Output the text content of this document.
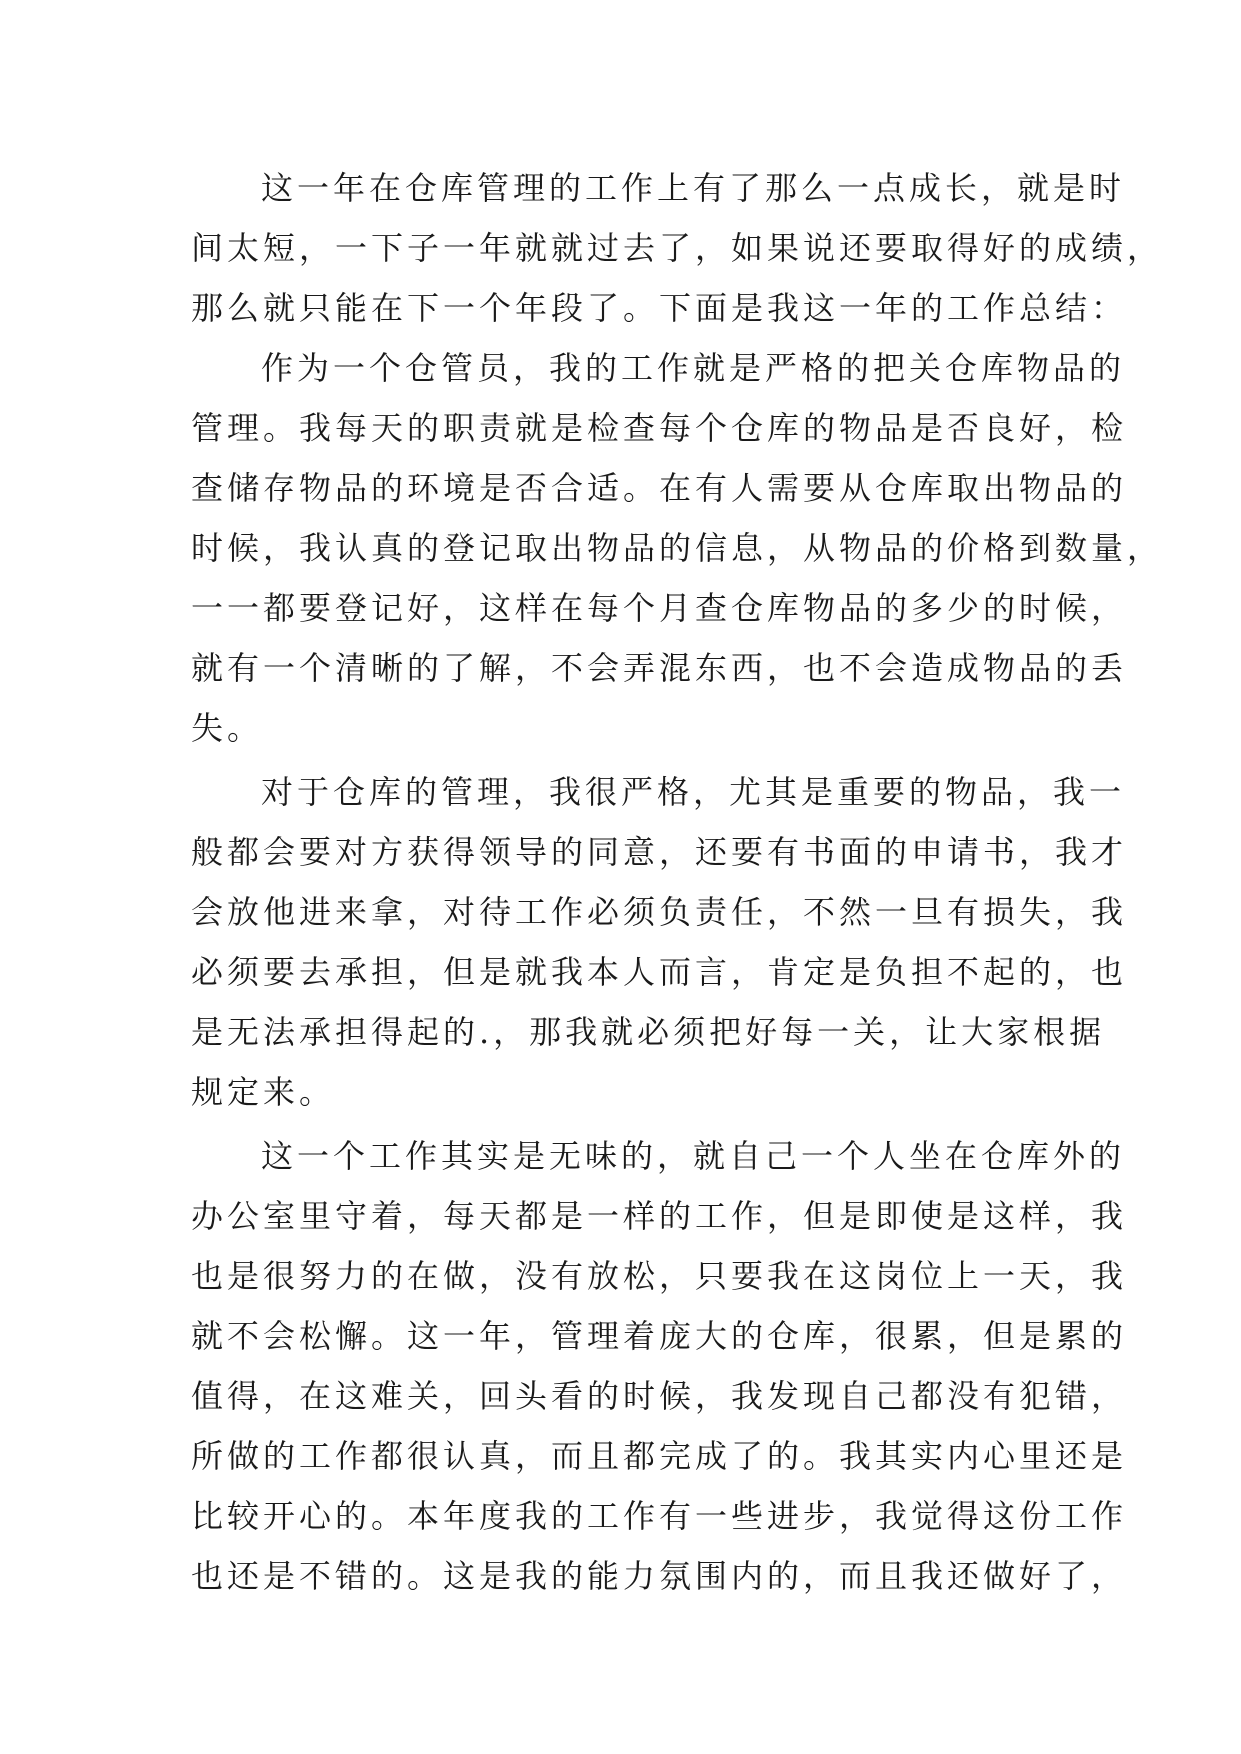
这一年在仓库管理的工作上有了那么一点成长，就是时
间太短，一下子一年就就过去了，如果说还要取得好的成绩，
那么就只能在下一个年段了。下面是我这一年的工作总结：
作为一个仓管员，我的工作就是严格的把关仓库物品的
管理。我每天的职责就是检查每个仓库的物品是否良好，检
查储存物品的环境是否合适。在有人需要从仓库取出物品的
时候，我认真的登记取出物品的信息，从物品的价格到数量，
一一都要登记好，这样在每个月查仓库物品的多少的时候，
就有一个清晰的了解，不会弄混东西，也不会造成物品的丢
失。
对于仓库的管理，我很严格，尤其是重要的物品，我一
般都会要对方获得领导的同意，还要有书面的申请书，我才
会放他进来拿，对待工作必须负责任，不然一旦有损失，我
必须要去承担，但是就我本人而言，肯定是负担不起的，也
是无法承担得起的.，那我就必须把好每一关，让大家根据
规定来。
这一个工作其实是无味的，就自己一个人坐在仓库外的
办公室里守着，每天都是一样的工作，但是即使是这样，我
也是很努力的在做，没有放松，只要我在这岗位上一天，我
就不会松懈。这一年，管理着庞大的仓库，很累，但是累的
值得，在这难关，回头看的时候，我发现自己都没有犯错，
所做的工作都很认真，而且都完成了的。我其实内心里还是
比较开心的。本年度我的工作有一些进步，我觉得这份工作
也还是不错的。这是我的能力氛围内的，而且我还做好了，
